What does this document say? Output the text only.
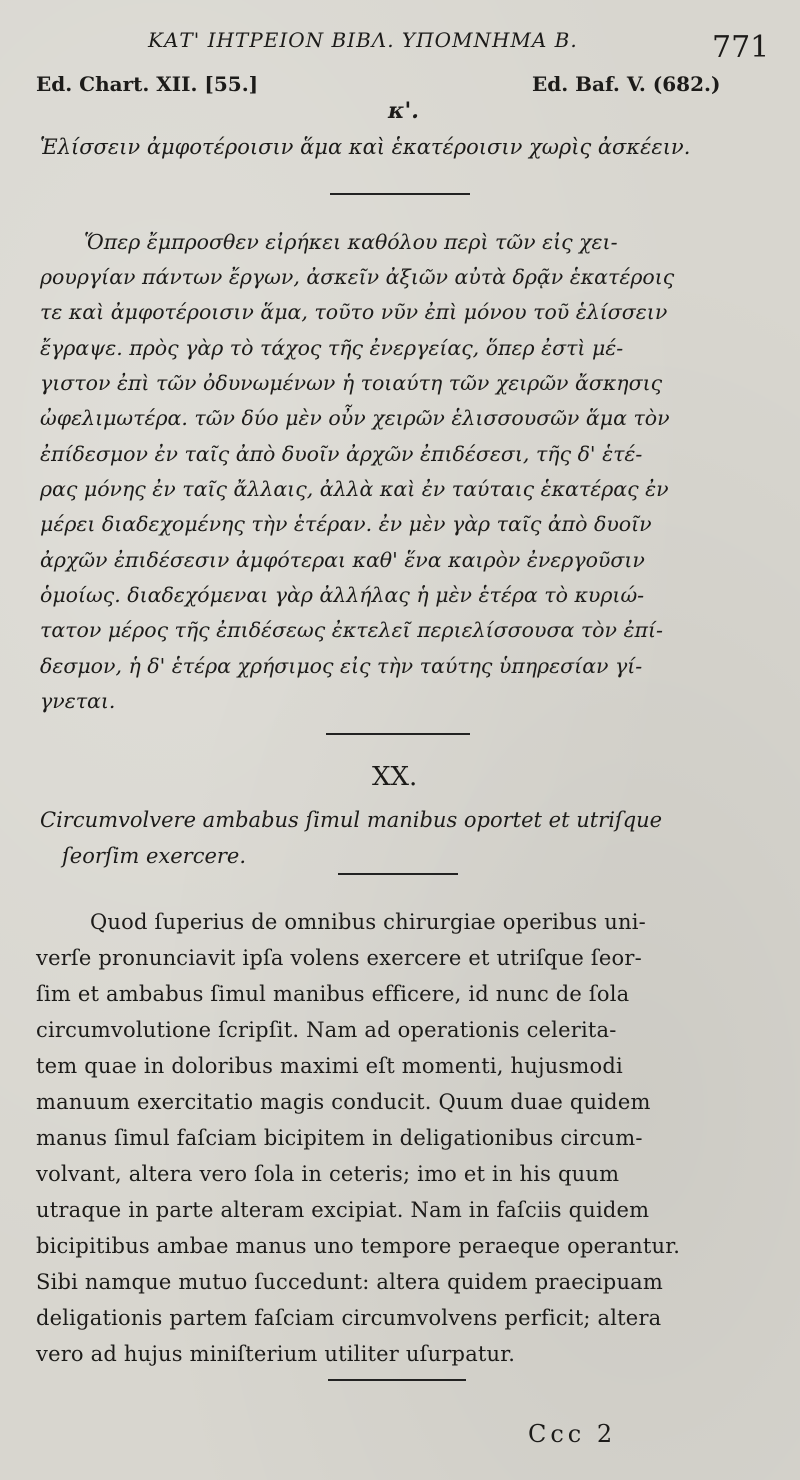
ΚΑΤ' ΙΗΤΡΕΙΟΝ ΒΙΒΛ. ΥΠΟΜΝΗΜΑ Β.	771
Ed. Chart. XII. [55.]	Ed. Baf. V. (682.)
κ'.
Ἑλίσσειν ἀμφοτέροισιν ἅμα καὶ ἑκατέροισιν χωρὶς ἀσκέειν.
Ὅπερ ἔμπροσθεν εἰρήκει καθόλου περὶ τῶν εἰς χει-
ρουργίαν πάντων ἔργων, ἀσκεῖν ἀξιῶν αὐτὰ δρᾷν ἑκατέροις
τε καὶ ἀμφοτέροισιν ἅμα, τοῦτο νῦν ἐπὶ μόνου τοῦ ἑλίσσειν
ἔγραψε. πρὸς γὰρ τὸ τάχος τῆς ἐνεργείας, ὅπερ ἐστὶ μέ-
γιστον ἐπὶ τῶν ὀδυνωμένων ἡ τοιαύτη τῶν χειρῶν ἄσκησις
ὠφελιμωτέρα. τῶν δύο μὲν οὖν χειρῶν ἑλισσουσῶν ἅμα τὸν
ἐπίδεσμον ἐν ταῖς ἀπὸ δυοῖν ἀρχῶν ἐπιδέσεσι, τῆς δ' ἑτέ-
ρας μόνης ἐν ταῖς ἄλλαις, ἀλλὰ καὶ ἐν ταύταις ἑκατέρας ἐν
μέρει διαδεχομένης τὴν ἑτέραν. ἐν μὲν γὰρ ταῖς ἀπὸ δυοῖν
ἀρχῶν ἐπιδέσεσιν ἀμφότεραι καθ' ἕνα καιρὸν ἐνεργοῦσιν
ὁμοίως. διαδεχόμεναι γὰρ ἀλλήλας ἡ μὲν ἑτέρα τὸ κυριώ-
τατον μέρος τῆς ἐπιδέσεως ἐκτελεῖ περιελίσσουσα τὸν ἐπί-
δεσμον, ἡ δ' ἑτέρα χρήσιμος εἰς τὴν ταύτης ὑπηρεσίαν γί-
γνεται.
XX.
Circumvolvere ambabus ſimul manibus oportet et utriſque
ſeorſim exercere.
Quod ſuperius de omnibus chirurgiae operibus uni-
verſe pronunciavit ipſa volens exercere et utriſque ſeor-
ſim et ambabus ſimul manibus efficere, id nunc de ſola
circumvolutione ſcripſit. Nam ad operationis celerita-
tem quae in doloribus maximi eſt momenti, hujusmodi
manuum exercitatio magis conducit. Quum duae quidem
manus ſimul faſciam bicipitem in deligationibus circum-
volvant, altera vero ſola in ceteris; imo et in his quum
utraque in parte alteram excipiat. Nam in faſciis quidem
bicipitibus ambae manus uno tempore peraeque operantur.
Sibi namque mutuo ſuccedunt: altera quidem praecipuam
deligationis partem faſciam circumvolvens perficit; altera
vero ad hujus miniſterium utiliter uſurpatur.
Ccc 2
